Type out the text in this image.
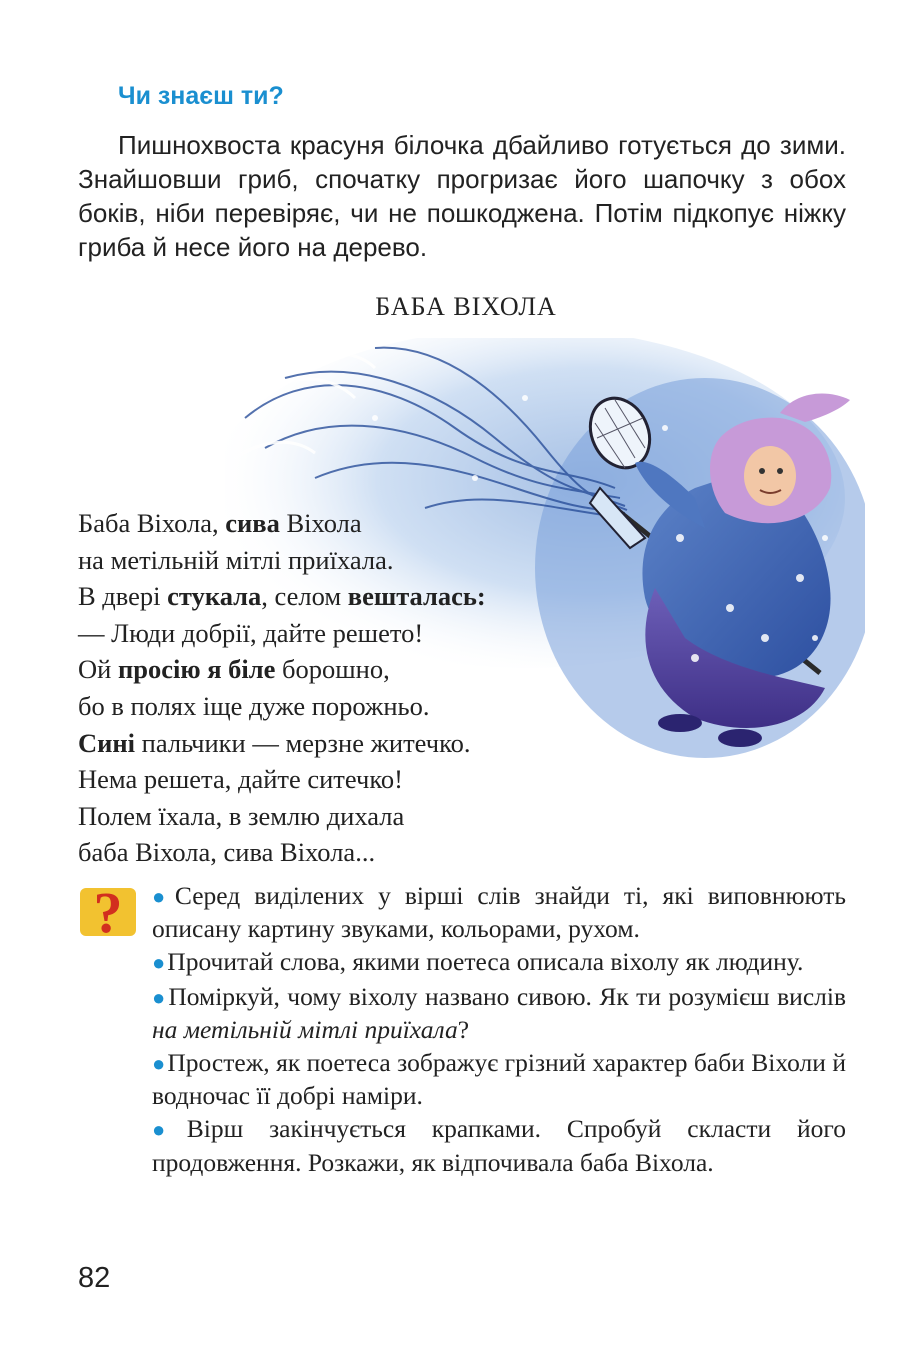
Чи знаєш ти?

Пишнохвоста красуня білочка дбайливо готується до зими. Знайшовши гриб, спочатку прогризає його шапочку з обох боків, ніби перевіряє, чи не пошкоджена. Потім підкопує ніжку гриба й несе його на дерево.

БАБА ВІХОЛА
Баба Віхола, сива Віхола
на метільній мітлі приїхала.
В двері стукала, селом вешталась:
— Люди добрії, дайте решето!
Ой просію я біле борошно,
бо в полях іще дуже порожньо.
Сині пальчики — мерзне житечко.
Нема решета, дайте ситечко!
Полем їхала, в землю дихала
баба Віхола, сива Віхола...
? ●Серед виділених у вірші слів знайди ті, які виповнюють описану картину звуками, кольорами, рухом.
●Прочитай слова, якими поетеса описала віхолу як людину.
●Поміркуй, чому віхолу названо сивою. Як ти розумієш вислів на метільній мітлі приїхала?
●Простеж, як поетеса зображує грізний характер баби Віхоли й водночас її добрі наміри.
●Вірш закінчується крапками. Спробуй скласти його продовження. Розкажи, як відпочивала баба Віхола.
82
